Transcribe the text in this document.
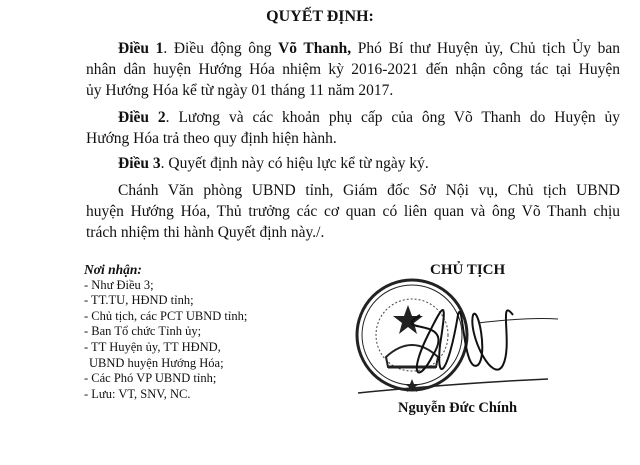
QUYẾT ĐỊNH:
Điều 1. Điều động ông Võ Thanh, Phó Bí thư Huyện ủy, Chủ tịch Ủy ban
nhân dân huyện Hướng Hóa nhiệm kỳ 2016-2021 đến nhận công tác tại Huyện
ủy Hướng Hóa kể từ ngày 01 tháng 11 năm 2017.
Điều 2. Lương và các khoản phụ cấp của ông Võ Thanh do Huyện ủy
Hướng Hóa trả theo quy định hiện hành.
Điều 3. Quyết định này có hiệu lực kể từ ngày ký.
Chánh Văn phòng UBND tỉnh, Giám đốc Sở Nội vụ, Chủ tịch UBND
huyện Hướng Hóa, Thủ trưởng các cơ quan có liên quan và ông Võ Thanh chịu
trách nhiệm thi hành Quyết định này./.
Nơi nhận:
- Như Điều 3;
- TT.TU, HĐND tỉnh;
- Chủ tịch, các PCT UBND tỉnh;
- Ban Tổ chức Tỉnh ủy;
- TT Huyện ủy, TT HĐND,
UBND huyện Hướng Hóa;
- Các Phó VP UBND tỉnh;
- Lưu: VT, SNV, NC.
CHỦ TỊCH
Nguyễn Đức Chính
